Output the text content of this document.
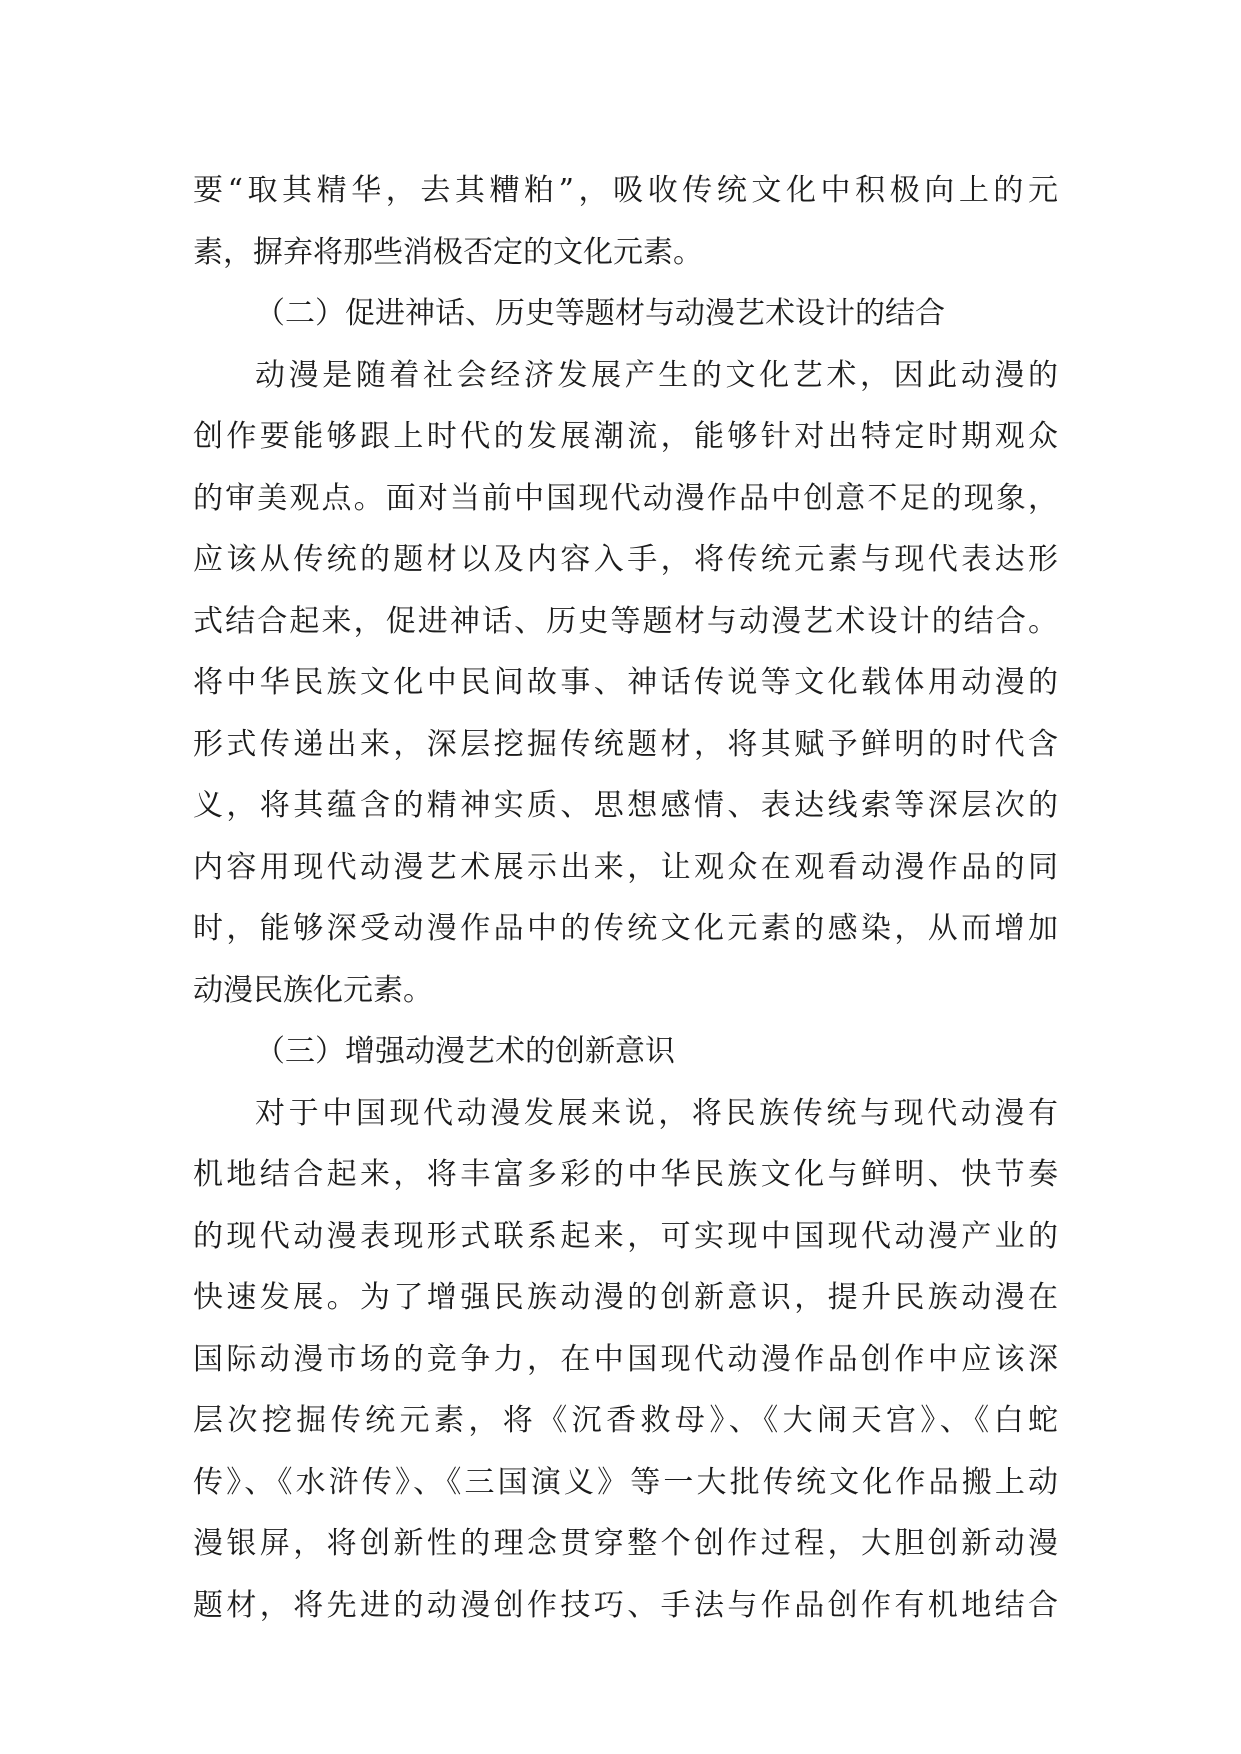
要“取其精华，去其糟粕”，吸收传统文化中积极向上的元
素，摒弃将那些消极否定的文化元素。
（二）促进神话、历史等题材与动漫艺术设计的结合
动漫是随着社会经济发展产生的文化艺术，因此动漫的
创作要能够跟上时代的发展潮流，能够针对出特定时期观众
的审美观点。面对当前中国现代动漫作品中创意不足的现象，
应该从传统的题材以及内容入手，将传统元素与现代表达形
式结合起来，促进神话、历史等题材与动漫艺术设计的结合。
将中华民族文化中民间故事、神话传说等文化载体用动漫的
形式传递出来，深层挖掘传统题材，将其赋予鲜明的时代含
义，将其蕴含的精神实质、思想感情、表达线索等深层次的
内容用现代动漫艺术展示出来，让观众在观看动漫作品的同
时，能够深受动漫作品中的传统文化元素的感染，从而增加
动漫民族化元素。
（三）增强动漫艺术的创新意识
对于中国现代动漫发展来说，将民族传统与现代动漫有
机地结合起来，将丰富多彩的中华民族文化与鲜明、快节奏
的现代动漫表现形式联系起来，可实现中国现代动漫产业的
快速发展。为了增强民族动漫的创新意识，提升民族动漫在
国际动漫市场的竞争力，在中国现代动漫作品创作中应该深
层次挖掘传统元素，将《沉香救母》、《大闹天宫》、《白蛇
传》、《水浒传》、《三国演义》等一大批传统文化作品搬上动
漫银屏，将创新性的理念贯穿整个创作过程，大胆创新动漫
题材，将先进的动漫创作技巧、手法与作品创作有机地结合
